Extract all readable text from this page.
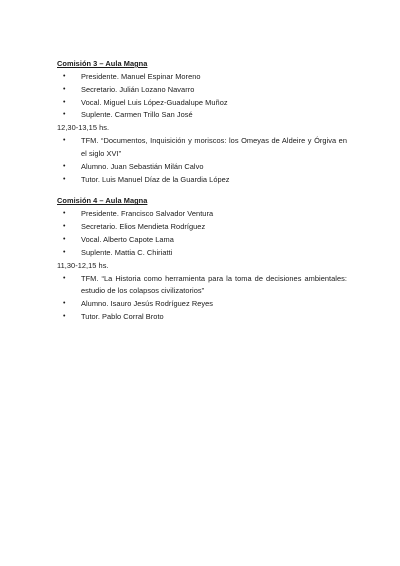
Comisión 3 – Aula Magna
• Presidente. Manuel Espinar Moreno
• Secretario. Julián Lozano Navarro
• Vocal. Miguel Luis López-Guadalupe Muñoz
• Suplente. Carmen Trillo San José
12,30-13,15 hs.
• TFM. “Documentos, Inquisición y moriscos: los Omeyas de Aldeire y Órgiva en el siglo XVI”
• Alumno. Juan Sebastián Milán Calvo
• Tutor. Luis Manuel Díaz de la Guardia López
Comisión 4 – Aula Magna
• Presidente. Francisco Salvador Ventura
• Secretario. Elios Mendieta Rodríguez
• Vocal. Alberto Capote Lama
• Suplente. Mattia C. Chiriatti
11,30-12,15 hs.
• TFM. “La Historia como herramienta para la toma de decisiones ambientales: estudio de los colapsos civilizatorios”
• Alumno. Isauro Jesús Rodríguez Reyes
• Tutor. Pablo Corral Broto
